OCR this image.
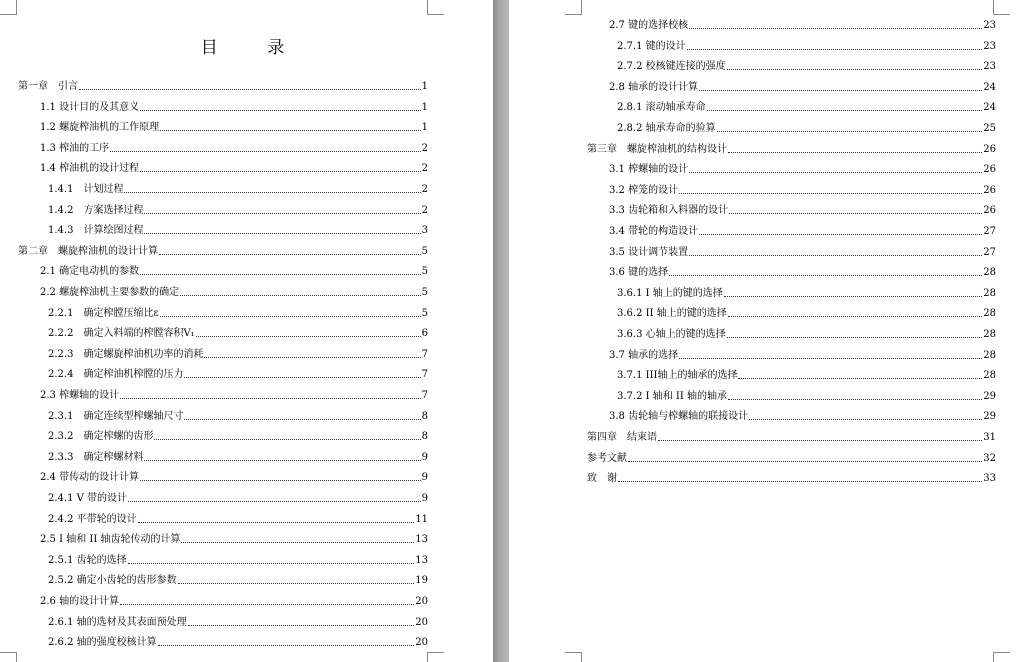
目 录
第一章　引言	1
1.1 设计目的及其意义	1
1.2 螺旋榨油机的工作原理	1
1.3 榨油的工序	2
1.4 榨油机的设计过程	2
1.4.1　计划过程	2
1.4.2　方案选择过程	2
1.4.3　计算绘图过程	3
第二章　螺旋榨油机的设计计算	5
2.1 确定电动机的参数	5
2.2 螺旋榨油机主要参数的确定	5
2.2.1　确定榨膛压缩比ε	5
2.2.2　确定入料端的榨膛容积V₁	6
2.2.3　确定螺旋榨油机功率的消耗	7
2.2.4　确定榨油机榨膛的压力	7
2.3 榨螺轴的设计	7
2.3.1　确定连续型榨螺轴尺寸	8
2.3.2　确定榨螺的齿形	8
2.3.3　确定榨螺材料	9
2.4 带传动的设计计算	9
2.4.1 V 带的设计	9
2.4.2 平带轮的设计	11
2.5 I 轴和 II 轴齿轮传动的计算	13
2.5.1 齿轮的选择	13
2.5.2 确定小齿轮的齿形参数	19
2.6 轴的设计计算	20
2.6.1 轴的选材及其表面预处理	20
2.6.2 轴的强度校核计算	20
2.7 键的选择校核	23
2.7.1 键的设计	23
2.7.2 校核键连接的强度	23
2.8 轴承的设计计算	24
2.8.1 滚动轴承寿命	24
2.8.2 轴承寿命的验算	25
第三章　螺旋榨油机的结构设计	26
3.1 榨螺轴的设计	26
3.2 榨笼的设计	26
3.3 齿轮箱和入料器的设计	26
3.4 带轮的构造设计	27
3.5 设计调节装置	27
3.6 键的选择	28
3.6.1 I 轴上的键的选择	28
3.6.2 II 轴上的键的选择	28
3.6.3 心轴上的键的选择	28
3.7 轴承的选择	28
3.7.1 III轴上的轴承的选择	28
3.7.2 I 轴和 II 轴的轴承	29
3.8 齿轮轴与榨螺轴的联接设计	29
第四章　结束语	31
参考文献	32
致　谢	33
